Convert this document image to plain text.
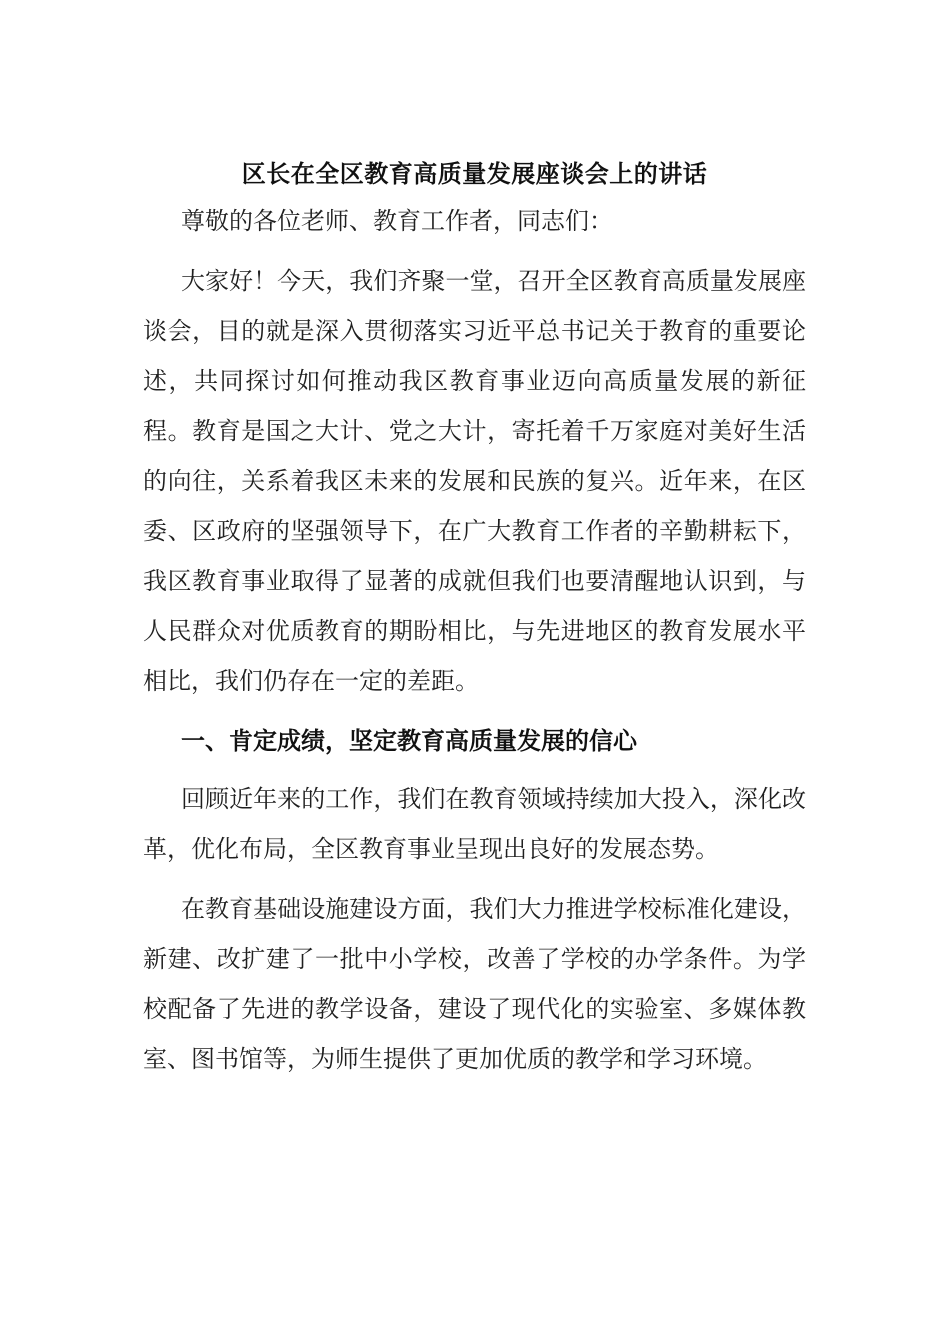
区长在全区教育高质量发展座谈会上的讲话

尊敬的各位老师、教育工作者，同志们：

大家好！今天，我们齐聚一堂，召开全区教育高质量发展座谈会，目的就是深入贯彻落实习近平总书记关于教育的重要论述，共同探讨如何推动我区教育事业迈向高质量发展的新征程。教育是国之大计、党之大计，寄托着千万家庭对美好生活的向往，关系着我区未来的发展和民族的复兴。近年来，在区委、区政府的坚强领导下，在广大教育工作者的辛勤耕耘下，我区教育事业取得了显著的成就但我们也要清醒地认识到，与人民群众对优质教育的期盼相比，与先进地区的教育发展水平相比，我们仍存在一定的差距。

一、肯定成绩，坚定教育高质量发展的信心

回顾近年来的工作，我们在教育领域持续加大投入，深化改革，优化布局，全区教育事业呈现出良好的发展态势。

在教育基础设施建设方面，我们大力推进学校标准化建设，新建、改扩建了一批中小学校，改善了学校的办学条件。为学校配备了先进的教学设备，建设了现代化的实验室、多媒体教室、图书馆等，为师生提供了更加优质的教学和学习环境。
